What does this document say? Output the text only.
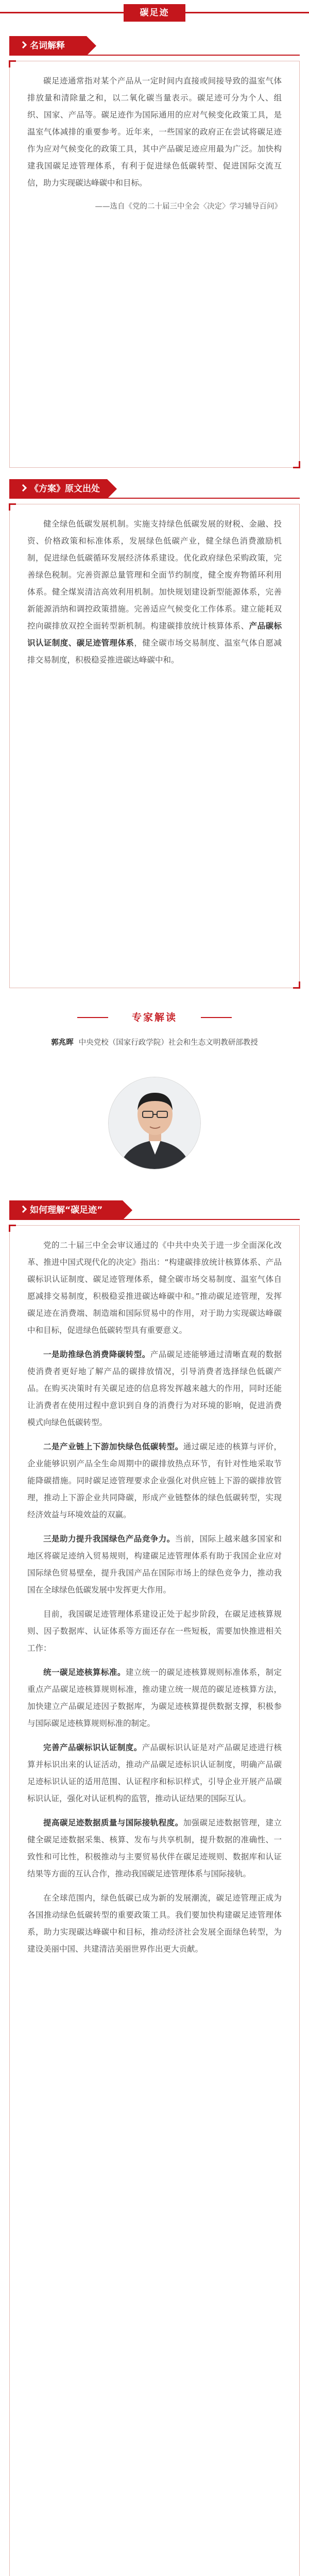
碳足迹
名词解释

碳足迹通常指对某个产品从一定时间内直接或间接导致的温室气体排放量和清除量之和，以二氧化碳当量表示。碳足迹可分为个人、组织、国家、产品等。碳足迹作为国际通用的应对气候变化政策工具，是温室气体减排的重要参考。近年来，一些国家的政府正在尝试将碳足迹作为应对气候变化的政策工具，其中产品碳足迹应用最为广泛。加快构建我国碳足迹管理体系，有利于促进绿色低碳转型、促进国际交流互信，助力实现碳达峰碳中和目标。

——选自《党的二十届三中全会〈决定〉学习辅导百问》

《方案》原文出处

健全绿色低碳发展机制。实施支持绿色低碳发展的财税、金融、投资、价格政策和标准体系，发展绿色低碳产业，健全绿色消费激励机制，促进绿色低碳循环发展经济体系建设。优化政府绿色采购政策，完善绿色税制。完善资源总量管理和全面节约制度，健全废弃物循环利用体系。健全煤炭清洁高效利用机制。加快规划建设新型能源体系，完善新能源消纳和调控政策措施。完善适应气候变化工作体系。建立能耗双控向碳排放双控全面转型新机制。构建碳排放统计核算体系、产品碳标识认证制度、碳足迹管理体系，健全碳市场交易制度、温室气体自愿减排交易制度，积极稳妥推进碳达峰碳中和。

专家解读
郭兆晖 中央党校（国家行政学院）社会和生态文明教研部教授
如何理解“碳足迹”

党的二十届三中全会审议通过的《中共中央关于进一步全面深化改革、推进中国式现代化的决定》指出：“构建碳排放统计核算体系、产品碳标识认证制度、碳足迹管理体系，健全碳市场交易制度、温室气体自愿减排交易制度，积极稳妥推进碳达峰碳中和。”推动碳足迹管理，发挥碳足迹在消费端、制造端和国际贸易中的作用，对于助力实现碳达峰碳中和目标，促进绿色低碳转型具有重要意义。

一是助推绿色消费降碳转型。产品碳足迹能够通过清晰直观的数据使消费者更好地了解产品的碳排放情况，引导消费者选择绿色低碳产品。在购买决策时有关碳足迹的信息将发挥越来越大的作用，同时还能让消费者在使用过程中意识到自身的消费行为对环境的影响，促进消费模式向绿色低碳转型。

二是产业链上下游加快绿色低碳转型。通过碳足迹的核算与评价，企业能够识别产品全生命周期中的碳排放热点环节，有针对性地采取节能降碳措施。同时碳足迹管理要求企业强化对供应链上下游的碳排放管理，推动上下游企业共同降碳，形成产业链整体的绿色低碳转型，实现经济效益与环境效益的双赢。

三是助力提升我国绿色产品竞争力。当前，国际上越来越多国家和地区将碳足迹纳入贸易规则，构建碳足迹管理体系有助于我国企业应对国际绿色贸易壁垒，提升我国产品在国际市场上的绿色竞争力，推动我国在全球绿色低碳发展中发挥更大作用。

目前，我国碳足迹管理体系建设正处于起步阶段，在碳足迹核算规则、因子数据库、认证体系等方面还存在一些短板，需要加快推进相关工作：

统一碳足迹核算标准。建立统一的碳足迹核算规则标准体系，制定重点产品碳足迹核算规则标准，推动建立统一规范的碳足迹核算方法，加快建立产品碳足迹因子数据库，为碳足迹核算提供数据支撑，积极参与国际碳足迹核算规则标准的制定。

完善产品碳标识认证制度。产品碳标识认证是对产品碳足迹进行核算并标识出来的认证活动，推动产品碳足迹标识认证制度，明确产品碳足迹标识认证的适用范围、认证程序和标识样式，引导企业开展产品碳标识认证，强化对认证机构的监管，推动认证结果的国际互认。

提高碳足迹数据质量与国际接轨程度。加强碳足迹数据管理，建立健全碳足迹数据采集、核算、发布与共享机制，提升数据的准确性、一致性和可比性，积极推动与主要贸易伙伴在碳足迹规则、数据库和认证结果等方面的互认合作，推动我国碳足迹管理体系与国际接轨。

在全球范围内，绿色低碳已成为新的发展潮流，碳足迹管理正成为各国推动绿色低碳转型的重要政策工具。我们要加快构建碳足迹管理体系，助力实现碳达峰碳中和目标，推动经济社会发展全面绿色转型，为建设美丽中国、共建清洁美丽世界作出更大贡献。
